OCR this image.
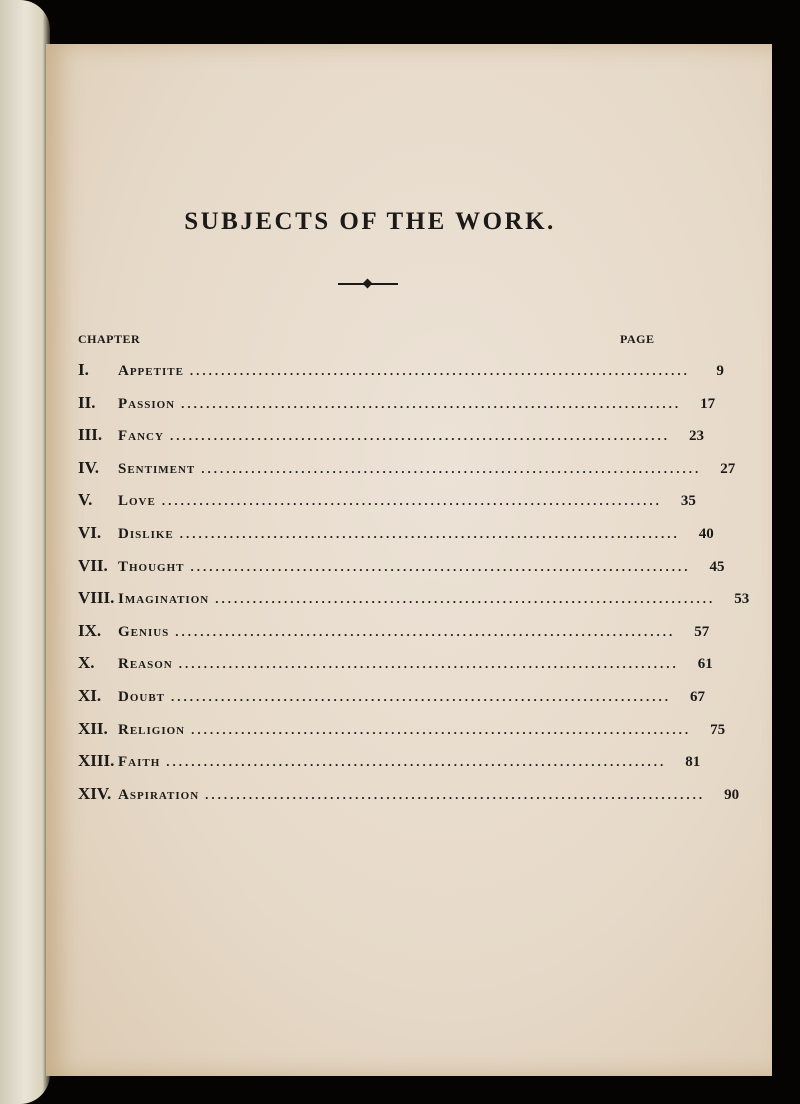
SUBJECTS OF THE WORK.
CHAPTER	PAGE
I.	Appetite ................................................................................	9
II.	Passion ................................................................................	17
III.	Fancy ................................................................................	23
IV.	Sentiment ................................................................................	27
V.	Love ................................................................................	35
VI.	Dislike ................................................................................	40
VII. Thought ................................................................................	45
VIII. Imagination ................................................................................	53
IX.	Genius ................................................................................	57
X.	Reason ................................................................................	61
XI.	Doubt ................................................................................	67
XII. Religion ................................................................................	75
XIII. Faith ................................................................................	81
XIV. Aspiration ................................................................................	90
